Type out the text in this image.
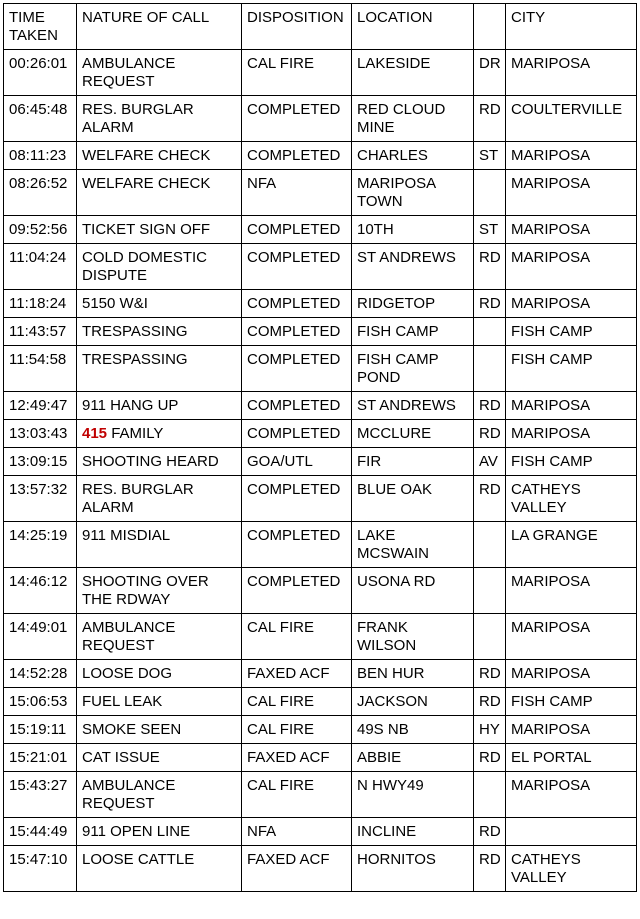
TIME TAKEN	NATURE OF CALL	DISPOSITION	LOCATION		CITY
00:26:01	AMBULANCE REQUEST	CAL FIRE	LAKESIDE	DR	MARIPOSA
06:45:48	RES. BURGLAR ALARM	COMPLETED	RED CLOUD MINE	RD	COULTERVILLE
08:11:23	WELFARE CHECK	COMPLETED	CHARLES	ST	MARIPOSA
08:26:52	WELFARE CHECK	NFA	MARIPOSA TOWN		MARIPOSA
09:52:56	TICKET SIGN OFF	COMPLETED	10TH	ST	MARIPOSA
11:04:24	COLD DOMESTIC DISPUTE	COMPLETED	ST ANDREWS	RD	MARIPOSA
11:18:24	5150 W&I	COMPLETED	RIDGETOP	RD	MARIPOSA
11:43:57	TRESPASSING	COMPLETED	FISH CAMP		FISH CAMP
11:54:58	TRESPASSING	COMPLETED	FISH CAMP POND		FISH CAMP
12:49:47	911 HANG UP	COMPLETED	ST ANDREWS	RD	MARIPOSA
13:03:43	415 FAMILY	COMPLETED	MCCLURE	RD	MARIPOSA
13:09:15	SHOOTING HEARD	GOA/UTL	FIR	AV	FISH CAMP
13:57:32	RES. BURGLAR ALARM	COMPLETED	BLUE OAK	RD	CATHEYS VALLEY
14:25:19	911 MISDIAL	COMPLETED	LAKE MCSWAIN		LA GRANGE
14:46:12	SHOOTING OVER THE RDWAY	COMPLETED	USONA RD		MARIPOSA
14:49:01	AMBULANCE REQUEST	CAL FIRE	FRANK WILSON		MARIPOSA
14:52:28	LOOSE DOG	FAXED ACF	BEN HUR	RD	MARIPOSA
15:06:53	FUEL LEAK	CAL FIRE	JACKSON	RD	FISH CAMP
15:19:11	SMOKE SEEN	CAL FIRE	49S NB	HY	MARIPOSA
15:21:01	CAT ISSUE	FAXED ACF	ABBIE	RD	EL PORTAL
15:43:27	AMBULANCE REQUEST	CAL FIRE	N HWY49		MARIPOSA
15:44:49	911 OPEN LINE	NFA	INCLINE	RD	
15:47:10	LOOSE CATTLE	FAXED ACF	HORNITOS	RD	CATHEYS VALLEY
